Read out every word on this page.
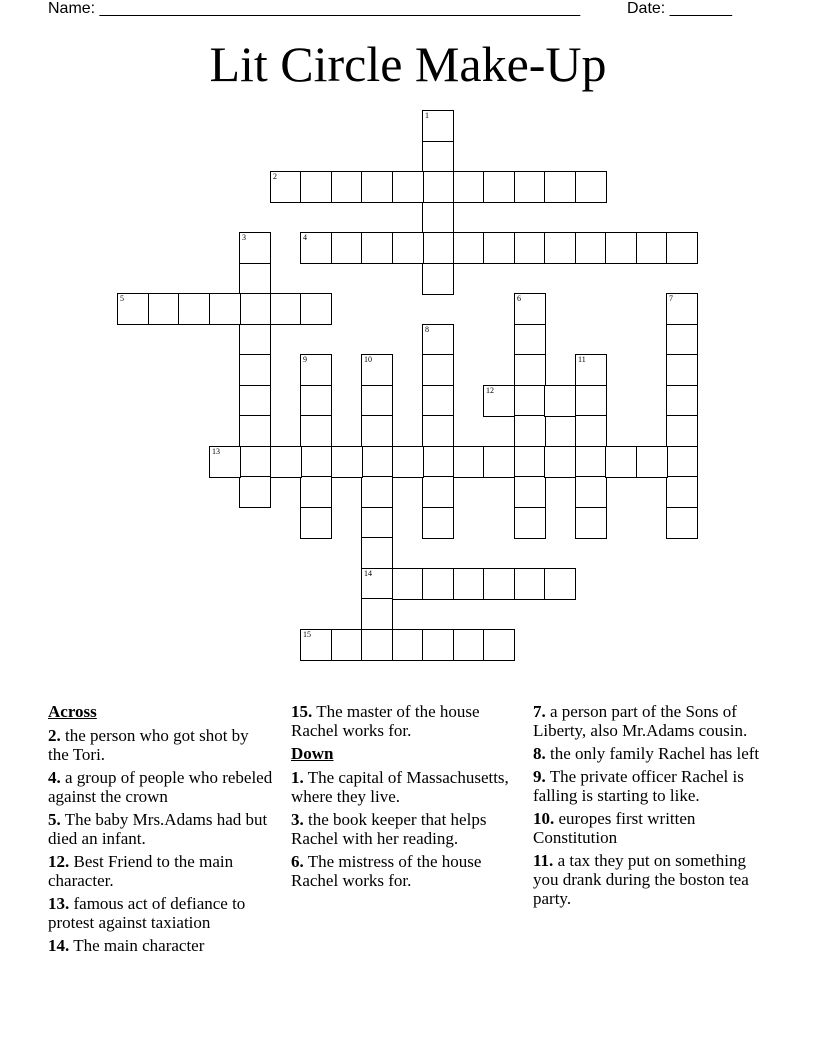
Name: ______________________________________________________	Date: _______
Lit Circle Make-Up
1
2
3	4
5	6	7
8
9	10
14
11
12
13
15
Across
2. the person who got shot by the Tori.
4. a group of people who rebeled against the crown
5. The baby Mrs.Adams had but died an infant.
12. Best Friend to the main character.
13. famous act of defiance to protest against taxiation
14. The main character
15. The master of the house Rachel works for.
Down
1. The capital of Massachusetts, where they live.
3. the book keeper that helps Rachel with her reading.
6. The mistress of the house Rachel works for.
7. a person part of the Sons of Liberty, also Mr.Adams cousin.
8. the only family Rachel has left
9. The private officer Rachel is falling is starting to like.
10. europes first written Constitution
11. a tax they put on something you drank during the boston tea party.
